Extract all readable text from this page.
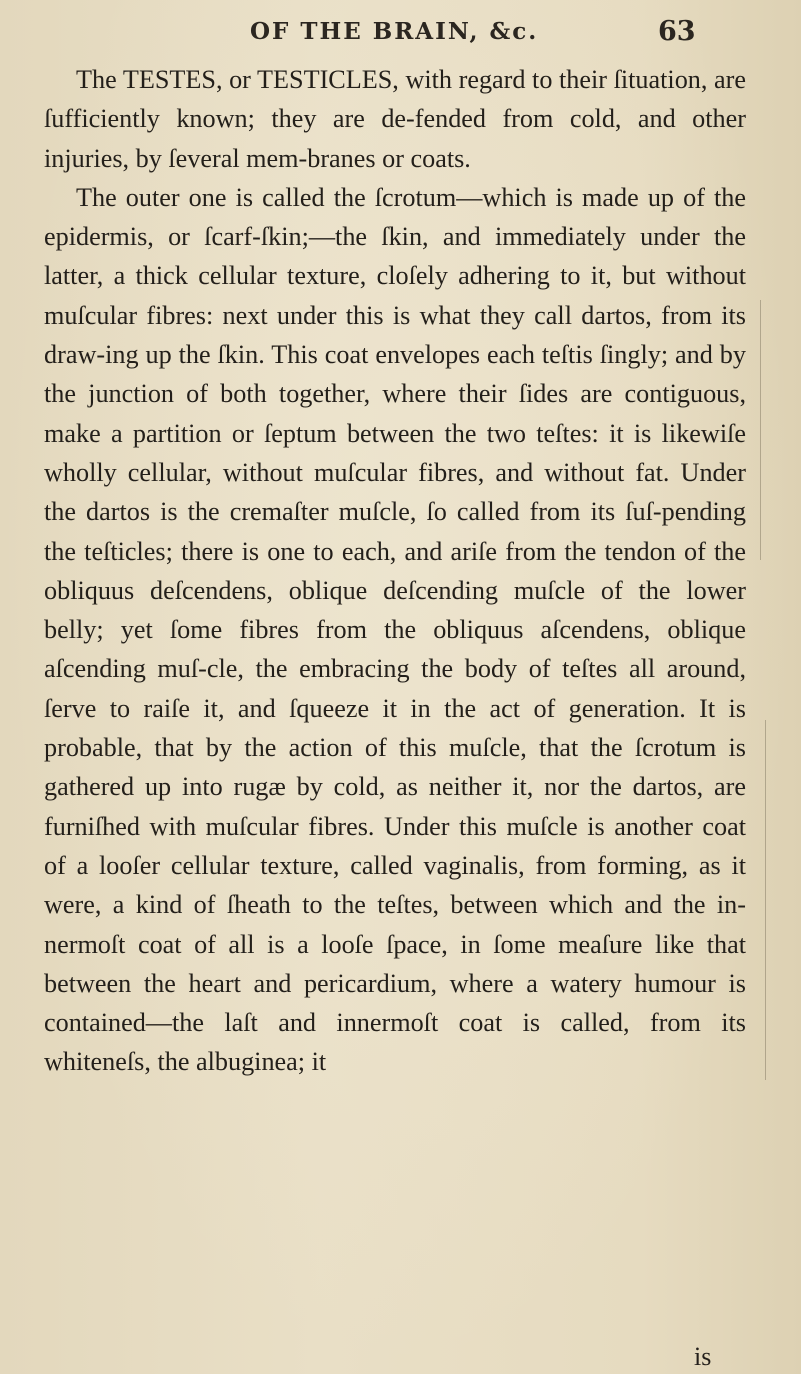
OF THE BRAIN, &c.	63

The TESTES, or TESTICLES, with regard to their ſituation, are ſufficiently known; they are de-fended from cold, and other injuries, by ſeveral mem-branes or coats.

The outer one is called the ſcrotum—which is made up of the epidermis, or ſcarf-ſkin;—the ſkin, and immediately under the latter, a thick cellular texture, cloſely adhering to it, but without muſcular fibres: next under this is what they call dartos, from its draw-ing up the ſkin. This coat envelopes each teſtis ſingly; and by the junction of both together, where their ſides are contiguous, make a partition or ſeptum between the two teſtes: it is likewiſe wholly cellular, without muſcular fibres, and without fat. Under the dartos is the cremaſter muſcle, ſo called from its ſuſ-pending the teſticles; there is one to each, and ariſe from the tendon of the obliquus deſcendens, oblique deſcending muſcle of the lower belly; yet ſome fibres from the obliquus aſcendens, oblique aſcending muſ-cle, the embracing the body of teſtes all around, ſerve to raiſe it, and ſqueeze it in the act of generation. It is probable, that by the action of this muſcle, that the ſcrotum is gathered up into rugæ by cold, as neither it, nor the dartos, are furniſhed with muſcular fibres. Under this muſcle is another coat of a looſer cellular texture, called vaginalis, from forming, as it were, a kind of ſheath to the teſtes, between which and the in-nermoſt coat of all is a looſe ſpace, in ſome meaſure like that between the heart and pericardium, where a watery humour is contained—the laſt and innermoſt coat is called, from its whiteneſs, the albuginea; it

is
